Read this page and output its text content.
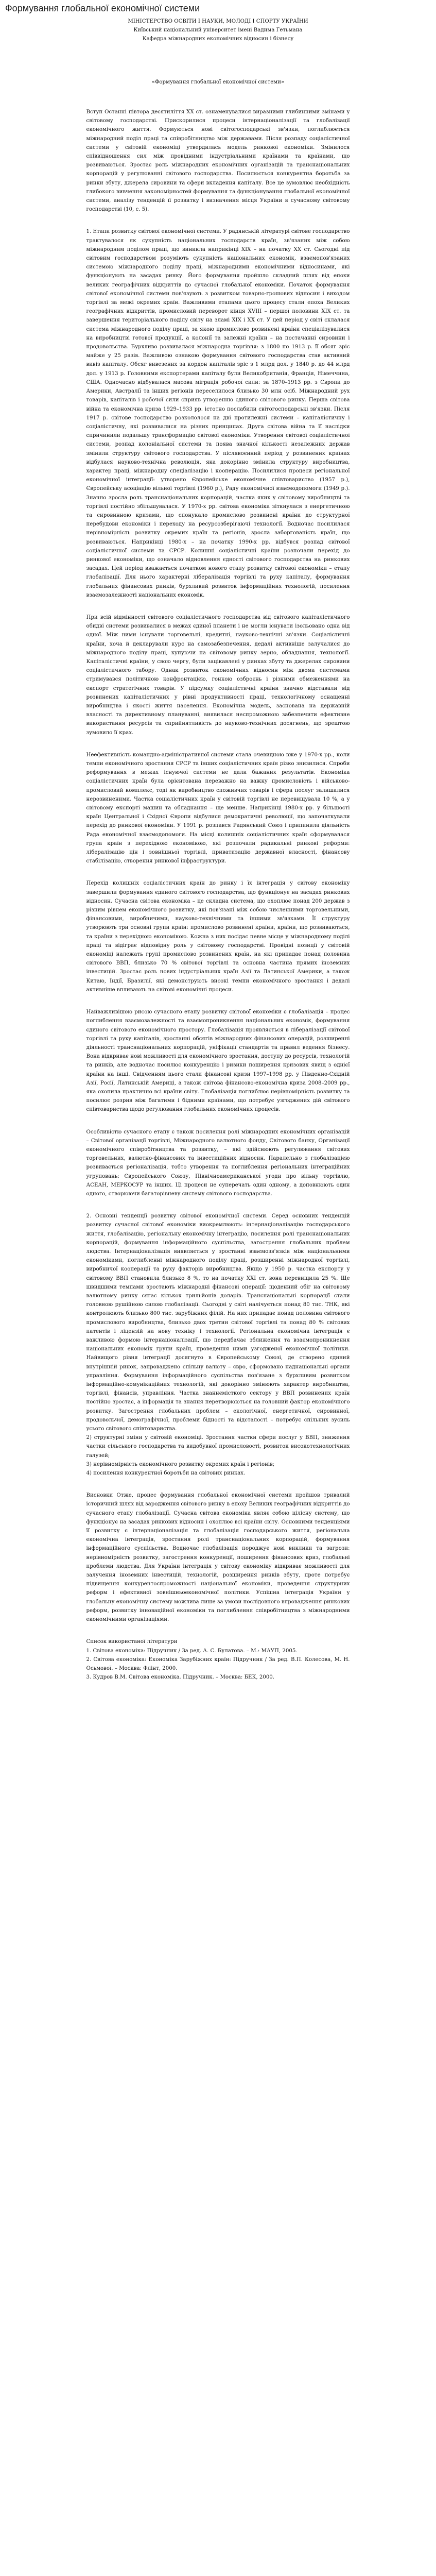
Формування глобальної економічної системи
МІНІСТЕРСТВО ОСВІТИ І НАУКИ, МОЛОДІ І СПОРТУ УКРАЇНИ
Київський національний університет імені Вадима Гетьмана
Кафедра міжнародних економічних відносин і бізнесу
«Формування глобальної економічної системи»

Вступ Останні півтора десятиліття XX ст. ознаменувалися виразними глибинними змінами у світовому господарстві. Прискорилися процеси інтернаціоналізації та глобалізації економічного життя. Формуються нові світогосподарські зв'язки, поглиблюється міжнародний поділ праці та співробітництво між державами. Після розпаду соціалістичної системи у світовій економіці утвердилась модель ринкової економіки. Змінилося співвідношення сил між провідними індустріальними країнами та країнами, що розвиваються. Зростає роль міжнародних економічних організацій та транснаціональних корпорацій у регулюванні світового господарства. Посилюється конкурентна боротьба за ринки збуту, джерела сировини та сфери вкладення капіталу. Все це зумовлює необхідність глибокого вивчення закономірностей формування та функціонування глобальної економічної системи, аналізу тенденцій її розвитку і визначення місця України в сучасному світовому господарстві (10, с. 5).

1. Етапи розвитку світової економічної системи. У радянській літературі світове господарство трактувалося як сукупність національних господарств країн, зв'язаних між собою міжнародним поділом праці, що виникла наприкінці XIX – на початку XX ст. Сьогодні під світовим господарством розуміють сукупність національних економік, взаємопов'язаних системою міжнародного поділу праці, міжнародними економічними відносинами, які функціонують на засадах ринку. Його формування пройшло складний шлях від епохи великих географічних відкриттів до сучасної глобальної економіки. Початок формування світової економічної системи пов'язують з розвитком товарно-грошових відносин і виходом торгівлі за межі окремих країн. Важливими етапами цього процесу стали епоха Великих географічних відкриттів, промисловий переворот кінця XVIII – першої половини XIX ст. та завершення територіального поділу світу на зламі XIX і XX ст. У цей період у світі склалася система міжнародного поділу праці, за якою промислово розвинені країни спеціалізувалися на виробництві готової продукції, а колонії та залежні країни – на постачанні сировини і продовольства. Бурхливо розвивалася міжнародна торгівля: з 1800 по 1913 р. її обсяг зріс майже у 25 разів. Важливою ознакою формування світового господарства став активний вивіз капіталу. Обсяг вивезених за кордон капіталів зріс з 1 млрд дол. у 1840 р. до 44 млрд дол. у 1913 р. Головними експортерами капіталу були Великобританія, Франція, Німеччина, США. Одночасно відбувалася масова міграція робочої сили: за 1870–1913 рр. з Європи до Америки, Австралії та інших регіонів переселилося близько 30 млн осіб. Міжнародний рух товарів, капіталів і робочої сили сприяв утворенню єдиного світового ринку. Перша світова війна та економічна криза 1929–1933 рр. істотно послабили світогосподарські зв'язки. Після 1917 р. світове господарство розкололося на дві протилежні системи – капіталістичну і соціалістичну, які розвивалися на різних принципах. Друга світова війна та її наслідки спричинили подальшу трансформацію світової економіки. Утворення світової соціалістичної системи, розпад колоніальної системи та поява значної кількості незалежних держав змінили структуру світового господарства. У післявоєнний період у розвинених країнах відбулася науково-технічна революція, яка докорінно змінила структуру виробництва, характер праці, міжнародну спеціалізацію і кооперацію. Посилилися процеси регіональної економічної інтеграції: утворено Європейське економічне співтовариство (1957 р.), Європейську асоціацію вільної торгівлі (1960 р.), Раду економічної взаємодопомоги (1949 р.). Значно зросла роль транснаціональних корпорацій, частка яких у світовому виробництві та торгівлі постійно збільшувалася. У 1970-х рр. світова економіка зіткнулася з енергетичною та сировинною кризами, що спонукало промислово розвинені країни до структурної перебудови економіки і переходу на ресурсозберігаючі технології. Водночас посилилася нерівномірність розвитку окремих країн та регіонів, зросла заборгованість країн, що розвиваються. Наприкінці 1980-х – на початку 1990-х рр. відбувся розпад світової соціалістичної системи та СРСР. Колишні соціалістичні країни розпочали перехід до ринкової економіки, що означало відновлення єдності світового господарства на ринкових засадах. Цей період вважається початком нового етапу розвитку світової економіки – етапу глобалізації. Для нього характерні лібералізація торгівлі та руху капіталу, формування глобальних фінансових ринків, бурхливий розвиток інформаційних технологій, посилення взаємозалежності національних економік.

При всій відмінності світового соціалістичного господарства від світового капіталістичного обидві системи розвивалися в межах єдиної планети і не могли існувати ізольовано одна від одної. Між ними існували торговельні, кредитні, науково-технічні зв'язки. Соціалістичні країни, хоча й декларували курс на самозабезпечення, дедалі активніше залучалися до міжнародного поділу праці, купуючи на світовому ринку зерно, обладнання, технології. Капіталістичні країни, у свою чергу, були зацікавлені у ринках збуту та джерелах сировини соціалістичного табору. Однак розвиток економічних відносин між двома системами стримувався політичною конфронтацією, гонкою озброєнь і різними обмеженнями на експорт стратегічних товарів. У підсумку соціалістичні країни значно відставали від розвинених капіталістичних у рівні продуктивності праці, технологічному оснащенні виробництва і якості життя населення. Економічна модель, заснована на державній власності та директивному плануванні, виявилася неспроможною забезпечити ефективне використання ресурсів та сприйнятливість до науково-технічних досягнень, що зрештою зумовило її крах.

Неефективність командно-адміністративної системи стала очевидною вже у 1970-х рр., коли темпи економічного зростання СРСР та інших соціалістичних країн різко знизилися. Спроби реформування в межах існуючої системи не дали бажаних результатів. Економіка соціалістичних країн була орієнтована переважно на важку промисловість і військово-промисловий комплекс, тоді як виробництво споживчих товарів і сфера послуг залишалися нерозвиненими. Частка соціалістичних країн у світовій торгівлі не перевищувала 10 %, а у світовому експорті машин та обладнання – ще менше. Наприкінці 1980-х рр. у більшості країн Центральної і Східної Європи відбулися демократичні революції, що започаткували перехід до ринкової економіки. У 1991 р. розпався Радянський Союз і припинила діяльність Рада економічної взаємодопомоги. На місці колишніх соціалістичних країн сформувалася група країн з перехідною економікою, які розпочали радикальні ринкові реформи: лібералізацію цін і зовнішньої торгівлі, приватизацію державної власності, фінансову стабілізацію, створення ринкової інфраструктури.

Перехід колишніх соціалістичних країн до ринку і їх інтеграція у світову економіку завершили формування єдиного світового господарства, що функціонує на засадах ринкових відносин. Сучасна світова економіка – це складна система, що охоплює понад 200 держав з різним рівнем економічного розвитку, які пов'язані між собою численними торговельними, фінансовими, виробничими, науково-технічними та іншими зв'язками. Її структуру утворюють три основні групи країн: промислово розвинені країни, країни, що розвиваються, та країни з перехідною економікою. Кожна з них посідає певне місце у міжнародному поділі праці та відіграє відповідну роль у світовому господарстві. Провідні позиції у світовій економіці належать групі промислово розвинених країн, на які припадає понад половина світового ВВП, близько 70 % світової торгівлі та основна частина прямих іноземних інвестицій. Зростає роль нових індустріальних країн Азії та Латинської Америки, а також Китаю, Індії, Бразилії, які демонструють високі темпи економічного зростання і дедалі активніше впливають на світові економічні процеси.

Найважливішою рисою сучасного етапу розвитку світової економіки є глобалізація – процес поглиблення взаємозалежності та взаємопроникнення національних економік, формування єдиного світового економічного простору. Глобалізація проявляється в лібералізації світової торгівлі та руху капіталів, зростанні обсягів міжнародних фінансових операцій, розширенні діяльності транснаціональних корпорацій, уніфікації стандартів та правил ведення бізнесу. Вона відкриває нові можливості для економічного зростання, доступу до ресурсів, технологій та ринків, але водночас посилює конкуренцію і ризики поширення кризових явищ з однієї країни на інші. Свідченням цього стали фінансові кризи 1997–1998 рр. у Південно-Східній Азії, Росії, Латинській Америці, а також світова фінансово-економічна криза 2008–2009 рр., яка охопила практично всі країни світу. Глобалізація поглиблює нерівномірність розвитку та посилює розрив між багатими і бідними країнами, що потребує узгоджених дій світового співтовариства щодо регулювання глобальних економічних процесів.

Особливістю сучасного етапу є також посилення ролі міжнародних економічних організацій – Світової організації торгівлі, Міжнародного валютного фонду, Світового банку, Організації економічного співробітництва та розвитку, – які здійснюють регулювання світових торговельних, валютно-фінансових та інвестиційних відносин. Паралельно з глобалізацією розвивається регіоналізація, тобто утворення та поглиблення регіональних інтеграційних угруповань: Європейського Союзу, Північноамериканської угоди про вільну торгівлю, АСЕАН, МЕРКОСУР та інших. Ці процеси не суперечать один одному, а доповнюють один одного, створюючи багаторівневу систему світового господарства.

2. Основні тенденції розвитку світової економічної системи. Серед основних тенденцій розвитку сучасної світової економіки виокремлюють: інтернаціоналізацію господарського життя, глобалізацію, регіональну економічну інтеграцію, посилення ролі транснаціональних корпорацій, формування інформаційного суспільства, загострення глобальних проблем людства. Інтернаціоналізація виявляється у зростанні взаємозв'язків між національними економіками, поглибленні міжнародного поділу праці, розширенні міжнародної торгівлі, виробничої кооперації та руху факторів виробництва. Якщо у 1950 р. частка експорту у світовому ВВП становила близько 8 %, то на початку XXI ст. вона перевищила 25 %. Ще швидшими темпами зростають міжнародні фінансові операції: щоденний обіг на світовому валютному ринку сягає кількох трильйонів доларів. Транснаціональні корпорації стали головною рушійною силою глобалізації. Сьогодні у світі налічується понад 80 тис. ТНК, які контролюють близько 800 тис. зарубіжних філій. На них припадає понад половина світового промислового виробництва, близько двох третин світової торгівлі та понад 80 % світових патентів і ліцензій на нову техніку і технології. Регіональна економічна інтеграція є важливою формою інтернаціоналізації, що передбачає зближення та взаємопроникнення національних економік групи країн, проведення ними узгодженої економічної політики. Найвищого рівня інтеграції досягнуто в Європейському Союзі, де створено єдиний внутрішній ринок, запроваджено спільну валюту – євро, сформовано наднаціональні органи управління. Формування інформаційного суспільства пов'язане з бурхливим розвитком інформаційно-комунікаційних технологій, які докорінно змінюють характер виробництва, торгівлі, фінансів, управління. Частка знаннємісткого сектору у ВВП розвинених країн постійно зростає, а інформація та знання перетворюються на головний фактор економічного розвитку. Загострення глобальних проблем – екологічної, енергетичної, сировинної, продовольчої, демографічної, проблеми бідності та відсталості – потребує спільних зусиль усього світового співтовариства.

2) структурні зміни у світовій економіці. Зростання частки сфери послуг у ВВП, зниження частки сільського господарства та видобувної промисловості, розвиток високотехнологічних галузей;

3) нерівномірність економічного розвитку окремих країн і регіонів;

4) посилення конкурентної боротьби на світових ринках.

Висновки Отже, процес формування глобальної економічної системи пройшов тривалий історичний шлях від зародження світового ринку в епоху Великих географічних відкриттів до сучасного етапу глобалізації. Сучасна світова економіка являє собою цілісну систему, що функціонує на засадах ринкових відносин і охоплює всі країни світу. Основними тенденціями її розвитку є інтернаціоналізація та глобалізація господарського життя, регіональна економічна інтеграція, зростання ролі транснаціональних корпорацій, формування інформаційного суспільства. Водночас глобалізація породжує нові виклики та загрози: нерівномірність розвитку, загострення конкуренції, поширення фінансових криз, глобальні проблеми людства. Для України інтеграція у світову економіку відкриває можливості для залучення іноземних інвестицій, технологій, розширення ринків збуту, проте потребує підвищення конкурентоспроможності національної економіки, проведення структурних реформ і ефективної зовнішньоекономічної політики. Успішна інтеграція України у глобальну економічну систему можлива лише за умови послідовного впровадження ринкових реформ, розвитку інноваційної економіки та поглиблення співробітництва з міжнародними економічними організаціями.

Список використаної літератури

1. Світова економіка: Підручник / За ред. А. С. Булатова. – М.: МАУП, 2005.

2. Світова економіка: Економіка Зарубіжних країн: Підручник / За ред. В.П. Колесова, М. Н. Осьмової. – Москва: Флінт, 2000.

3. Кудров В.М. Світова економіка. Підручник. – Москва: БЕК, 2000.
